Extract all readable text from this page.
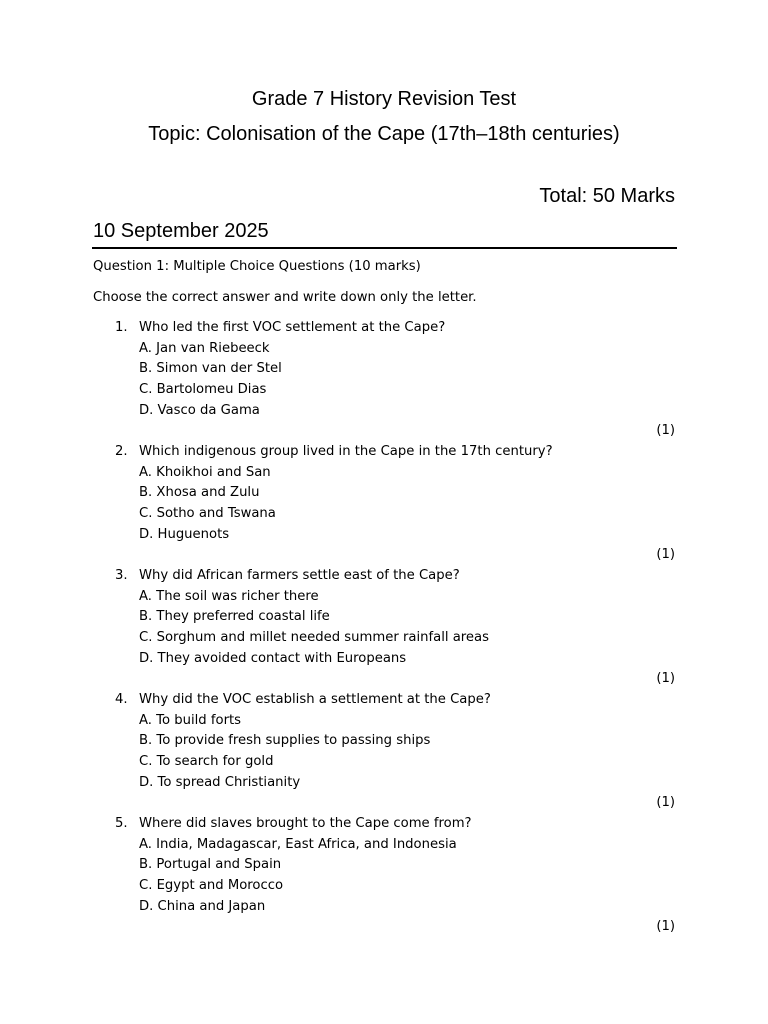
Grade 7 History Revision Test
Topic: Colonisation of the Cape (17th–18th centuries)
Total: 50 Marks
10 September 2025
Question 1: Multiple Choice Questions (10 marks)
Choose the correct answer and write down only the letter.
1. Who led the first VOC settlement at the Cape?
A. Jan van Riebeeck
B. Simon van der Stel
C. Bartolomeu Dias
D. Vasco da Gama
(1)
2. Which indigenous group lived in the Cape in the 17th century?
A. Khoikhoi and San
B. Xhosa and Zulu
C. Sotho and Tswana
D. Huguenots
(1)
3. Why did African farmers settle east of the Cape?
A. The soil was richer there
B. They preferred coastal life
C. Sorghum and millet needed summer rainfall areas
D. They avoided contact with Europeans
(1)
4. Why did the VOC establish a settlement at the Cape?
A. To build forts
B. To provide fresh supplies to passing ships
C. To search for gold
D. To spread Christianity
(1)
5. Where did slaves brought to the Cape come from?
A. India, Madagascar, East Africa, and Indonesia
B. Portugal and Spain
C. Egypt and Morocco
D. China and Japan
(1)
